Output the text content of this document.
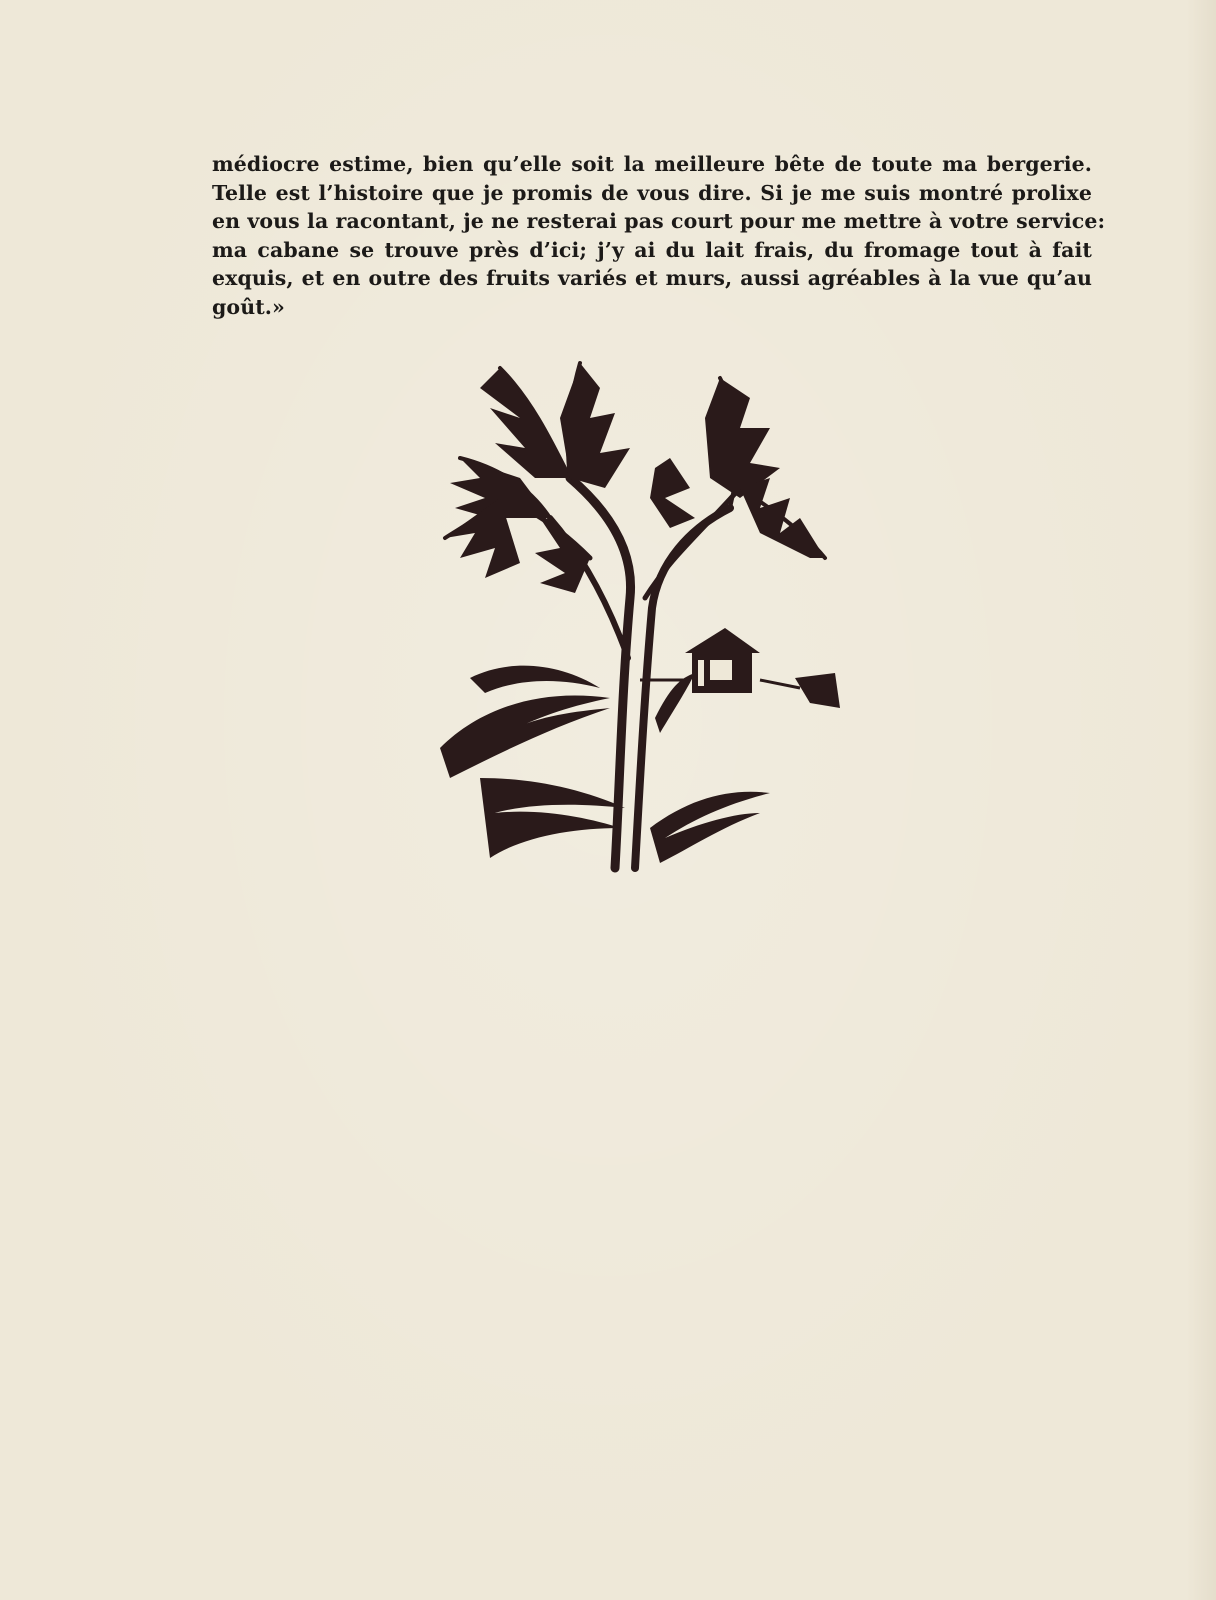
médiocre estime, bien qu’elle soit la meilleure bête de toute ma bergerie.
Telle est l’histoire que je promis de vous dire. Si je me suis montré prolixe
en vous la racontant, je ne resterai pas court pour me mettre à votre service:
ma cabane se trouve près d’ici; j’y ai du lait frais, du fromage tout à fait
exquis, et en outre des fruits variés et murs, aussi agréables à la vue qu’au
goût.»
